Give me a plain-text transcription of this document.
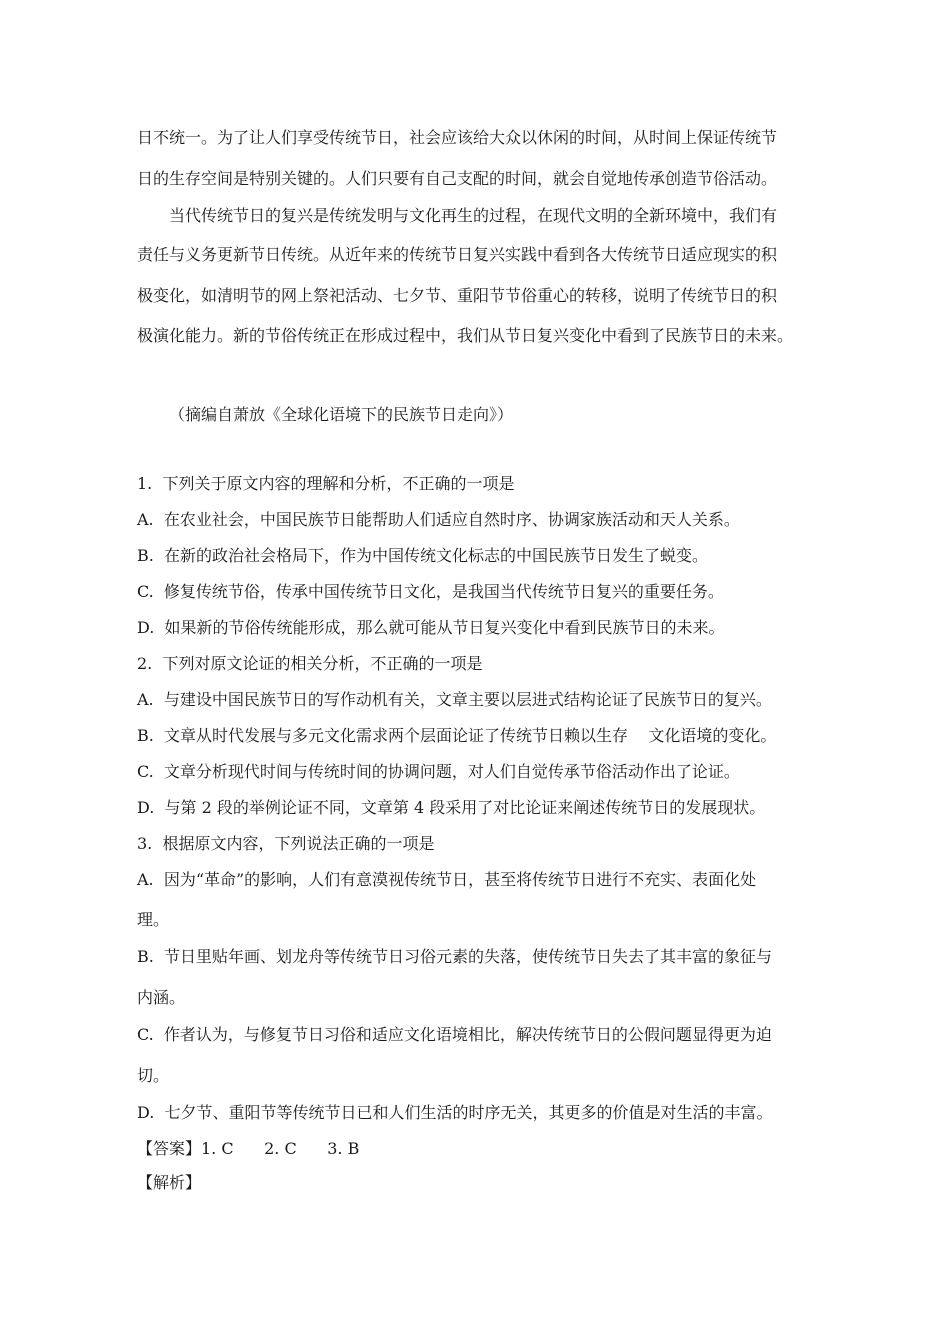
日不统一。为了让人们享受传统节日，社会应该给大众以休闲的时间，从时间上保证传统节
日的生存空间是特别关键的。人们只要有自己支配的时间，就会自觉地传承创造节俗活动。
当代传统节日的复兴是传统发明与文化再生的过程，在现代文明的全新环境中，我们有
责任与义务更新节日传统。从近年来的传统节日复兴实践中看到各大传统节日适应现实的积
极变化，如清明节的网上祭祀活动、七夕节、重阳节节俗重心的转移，说明了传统节日的积
极演化能力。新的节俗传统正在形成过程中，我们从节日复兴变化中看到了民族节日的未来。
（摘编自萧放《全球化语境下的民族节日走向》）
1.  下列关于原文内容的理解和分析，不正确的一项是
A.  在农业社会，中国民族节日能帮助人们适应自然时序、协调家族活动和天人关系。
B.  在新的政治社会格局下，作为中国传统文化标志的中国民族节日发生了蜕变。
C.  修复传统节俗，传承中国传统节日文化，是我国当代传统节日复兴的重要任务。
D.  如果新的节俗传统能形成，那么就可能从节日复兴变化中看到民族节日的未来。
2.  下列对原文论证的相关分析，不正确的一项是
A.  与建设中国民族节日的写作动机有关，文章主要以层进式结构论证了民族节日的复兴。
B.  文章从时代发展与多元文化需求两个层面论证了传统节日赖以生存    文化语境的变化。
C.  文章分析现代时间与传统时间的协调问题，对人们自觉传承节俗活动作出了论证。
D.  与第 2 段的举例论证不同，文章第 4 段采用了对比论证来阐述传统节日的发展现状。
3.  根据原文内容，下列说法正确的一项是
A.  因为“革命”的影响，人们有意漠视传统节日，甚至将传统节日进行不充实、表面化处
理。
B.  节日里贴年画、划龙舟等传统节日习俗元素的失落，使传统节日失去了其丰富的象征与
内涵。
C.  作者认为，与修复节日习俗和适应文化语境相比，解决传统节日的公假问题显得更为迫
切。
D.  七夕节、重阳节等传统节日已和人们生活的时序无关，其更多的价值是对生活的丰富。
【答案】1. C      2. C      3. B
【解析】
